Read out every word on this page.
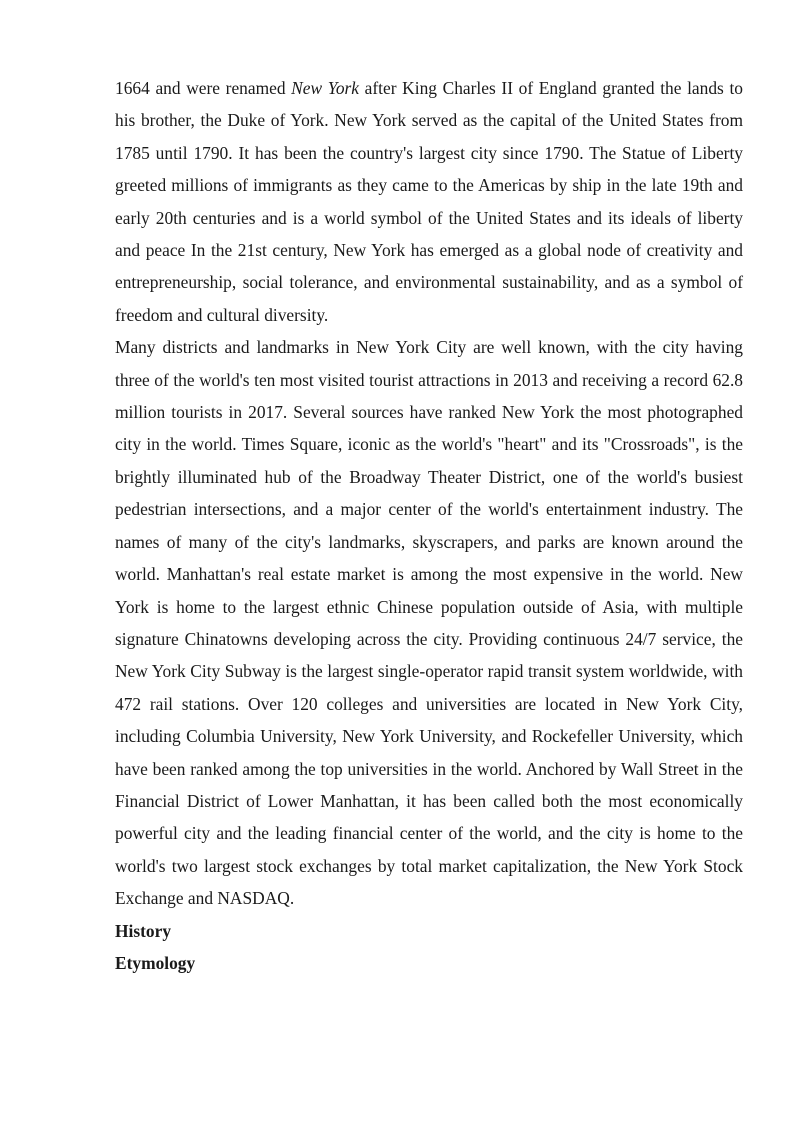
1664 and were renamed New York after King Charles II of England granted the lands to his brother, the Duke of York. New York served as the capital of the United States from 1785 until 1790. It has been the country's largest city since 1790. The Statue of Liberty greeted millions of immigrants as they came to the Americas by ship in the late 19th and early 20th centuries and is a world symbol of the United States and its ideals of liberty and peace In the 21st century, New York has emerged as a global node of creativity and entrepreneurship, social tolerance, and environmental sustainability, and as a symbol of freedom and cultural diversity.

Many districts and landmarks in New York City are well known, with the city having three of the world's ten most visited tourist attractions in 2013 and receiving a record 62.8 million tourists in 2017. Several sources have ranked New York the most photographed city in the world. Times Square, iconic as the world's "heart" and its "Crossroads", is the brightly illuminated hub of the Broadway Theater District, one of the world's busiest pedestrian intersections, and a major center of the world's entertainment industry. The names of many of the city's landmarks, skyscrapers, and parks are known around the world. Manhattan's real estate market is among the most expensive in the world. New York is home to the largest ethnic Chinese population outside of Asia, with multiple signature Chinatowns developing across the city. Providing continuous 24/7 service, the New York City Subway is the largest single-operator rapid transit system worldwide, with 472 rail stations. Over 120 colleges and universities are located in New York City, including Columbia University, New York University, and Rockefeller University, which have been ranked among the top universities in the world. Anchored by Wall Street in the Financial District of Lower Manhattan, it has been called both the most economically powerful city and the leading financial center of the world, and the city is home to the world's two largest stock exchanges by total market capitalization, the New York Stock Exchange and NASDAQ.

History

Etymology
